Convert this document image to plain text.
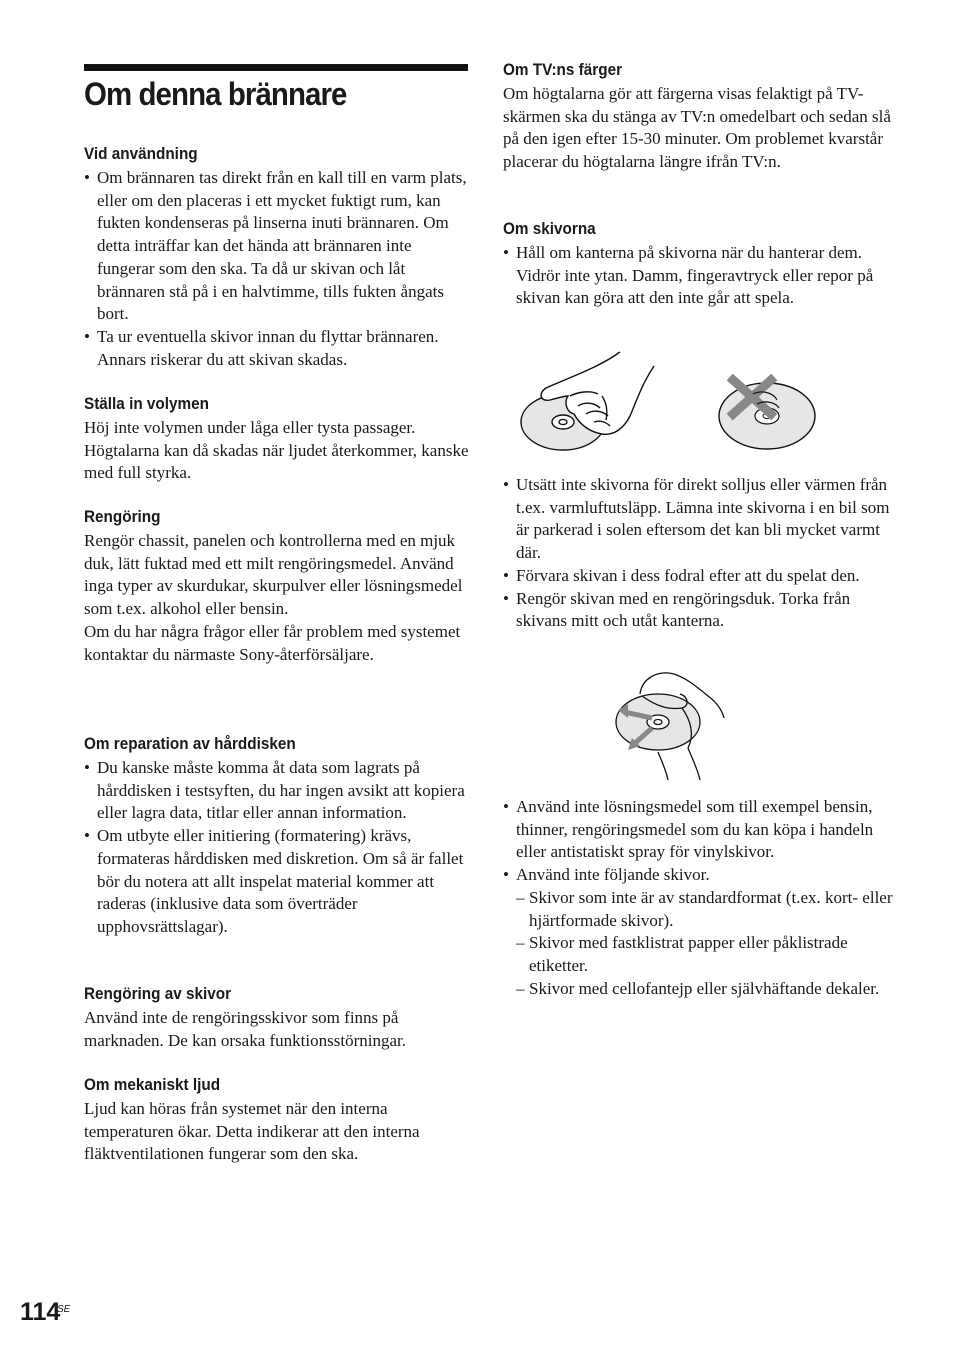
Om denna brännare
Vid användning
• Om brännaren tas direkt från en kall till en varm plats, eller om den placeras i ett mycket fuktigt rum, kan fukten kondenseras på linserna inuti brännaren. Om detta inträffar kan det hända att brännaren inte fungerar som den ska. Ta då ur skivan och låt brännaren stå på i en halvtimme, tills fukten ångats bort.
• Ta ur eventuella skivor innan du flyttar brännaren. Annars riskerar du att skivan skadas.
Ställa in volymen

Höj inte volymen under låga eller tysta passager. Högtalarna kan då skadas när ljudet återkommer, kanske med full styrka.

Rengöring

Rengör chassit, panelen och kontrollerna med en mjuk duk, lätt fuktad med ett milt rengöringsmedel. Använd inga typer av skurdukar, skurpulver eller lösningsmedel som t.ex. alkohol eller bensin.

Om du har några frågor eller får problem med systemet kontaktar du närmaste Sony-återförsäljare.

Om reparation av hårddisken
• Du kanske måste komma åt data som lagrats på hårddisken i testsyften, du har ingen avsikt att kopiera eller lagra data, titlar eller annan information.
• Om utbyte eller initiering (formatering) krävs, formateras hårddisken med diskretion. Om så är fallet bör du notera att allt inspelat material kommer att raderas (inklusive data som överträder upphovsrättslagar).
Rengöring av skivor

Använd inte de rengöringsskivor som finns på marknaden. De kan orsaka funktionsstörningar.

Om mekaniskt ljud

Ljud kan höras från systemet när den interna temperaturen ökar. Detta indikerar att den interna fläktventilationen fungerar som den ska.

Om TV:ns färger

Om högtalarna gör att färgerna visas felaktigt på TV-skärmen ska du stänga av TV:n omedelbart och sedan slå på den igen efter 15-30 minuter. Om problemet kvarstår placerar du högtalarna längre ifrån TV:n.

Om skivorna
• Håll om kanterna på skivorna när du hanterar dem. Vidrör inte ytan. Damm, fingeravtryck eller repor på skivan kan göra att den inte går att spela.
• Utsätt inte skivorna för direkt solljus eller värmen från t.ex. varmluftutsläpp. Lämna inte skivorna i en bil som är parkerad i solen eftersom det kan bli mycket varmt där.
• Förvara skivan i dess fodral efter att du spelat den.
• Rengör skivan med en rengöringsduk. Torka från skivans mitt och utåt kanterna.
• Använd inte lösningsmedel som till exempel bensin, thinner, rengöringsmedel som du kan köpa i handeln eller antistatiskt spray för vinylskivor.
• Använd inte följande skivor.
– Skivor som inte är av standardformat (t.ex. kort- eller hjärtformade skivor).
– Skivor med fastklistrat papper eller påklistrade etiketter.
– Skivor med cellofantejp eller självhäftande dekaler.
114
SE
